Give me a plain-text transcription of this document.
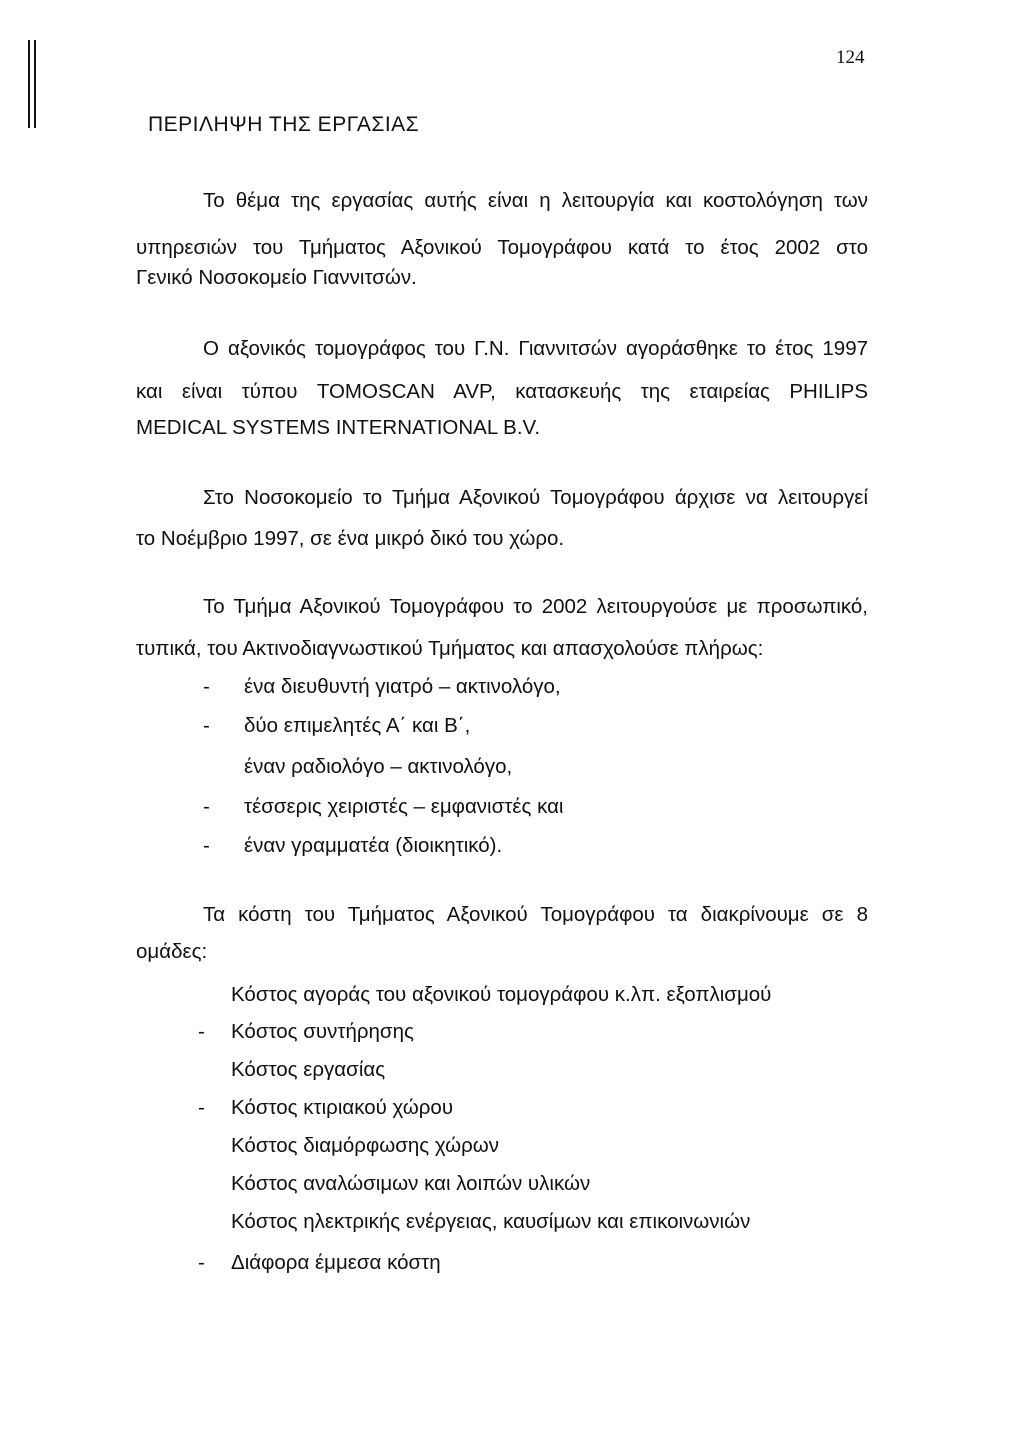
124
ΠΕΡΙΛΗΨΗ ΤΗΣ ΕΡΓΑΣΙΑΣ
Το θέμα της εργασίας αυτής είναι η λειτουργία και κοστολόγηση των
υπηρεσιών του Τμήματος Αξονικού Τομογράφου κατά το έτος 2002 στο
Γενικό Νοσοκομείο Γιαννιτσών.
Ο αξονικός τομογράφος του Γ.Ν. Γιαννιτσών αγοράσθηκε το έτος 1997
και είναι τύπου TOMOSCAN AVP, κατασκευής της εταιρείας PHILIPS
MEDICAL SYSTEMS INTERNATIONAL B.V.
Στο Νοσοκομείο το Τμήμα Αξονικού Τομογράφου άρχισε να λειτουργεί
το Νοέμβριο 1997, σε ένα μικρό δικό του χώρο.
Το Τμήμα Αξονικού Τομογράφου το 2002 λειτουργούσε με προσωπικό,
τυπικά, του Ακτινοδιαγνωστικού Τμήματος και απασχολούσε πλήρως:
- ένα διευθυντή γιατρό – ακτινολόγο,
- δύο επιμελητές Α΄ και Β΄,
έναν ραδιολόγο – ακτινολόγο,
- τέσσερις χειριστές – εμφανιστές και
- έναν γραμματέα (διοικητικό).
Τα κόστη του Τμήματος Αξονικού Τομογράφου τα διακρίνουμε σε 8
ομάδες:
Κόστος αγοράς του αξονικού τομογράφου κ.λπ. εξοπλισμού
- Κόστος συντήρησης
Κόστος εργασίας
- Κόστος κτιριακού χώρου
Κόστος διαμόρφωσης χώρων
Κόστος αναλώσιμων και λοιπών υλικών
Κόστος ηλεκτρικής ενέργειας, καυσίμων και επικοινωνιών
- Διάφορα έμμεσα κόστη
